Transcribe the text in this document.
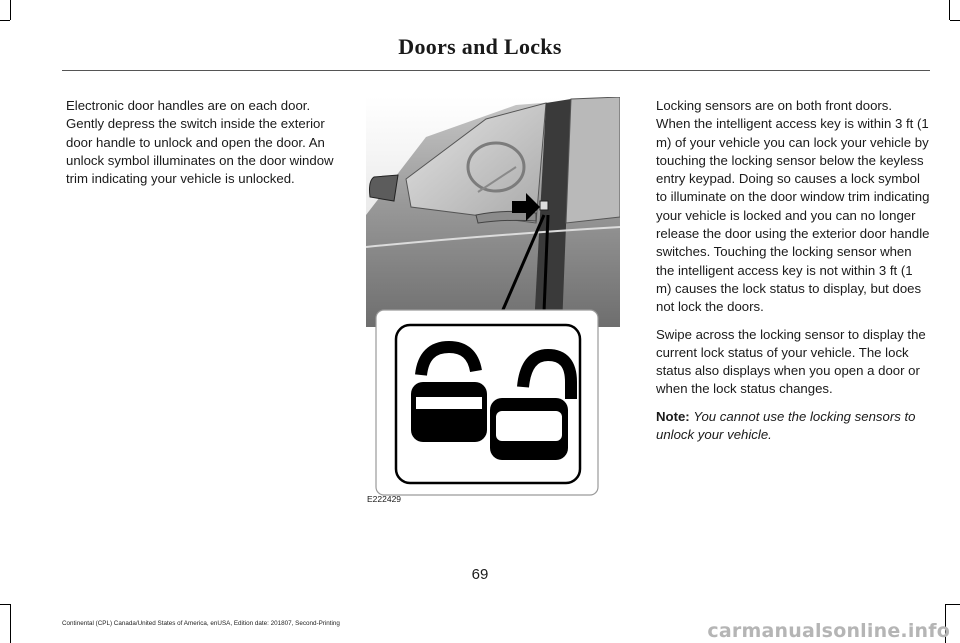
Doors and Locks

Electronic door handles are on each door. Gently depress the switch inside the exterior door handle to unlock and open the door. An unlock symbol illuminates on the door window trim indicating your vehicle is unlocked.

E222429

Locking sensors are on both front doors. When the intelligent access key is within 3 ft (1 m) of your vehicle you can lock your vehicle by touching the locking sensor below the keyless entry keypad. Doing so causes a lock symbol to illuminate on the door window trim indicating your vehicle is locked and you can no longer release the door using the exterior door handle switches. Touching the locking sensor when the intelligent access key is not within 3 ft (1 m) causes the lock status to display, but does not lock the doors.

Swipe across the locking sensor to display the current lock status of your vehicle. The lock status also displays when you open a door or when the lock status changes.

Note: You cannot use the locking sensors to unlock your vehicle.

69
Continental (CPL) Canada/United States of America, enUSA, Edition date: 201807, Second-Printing	carmanualsonline.info
